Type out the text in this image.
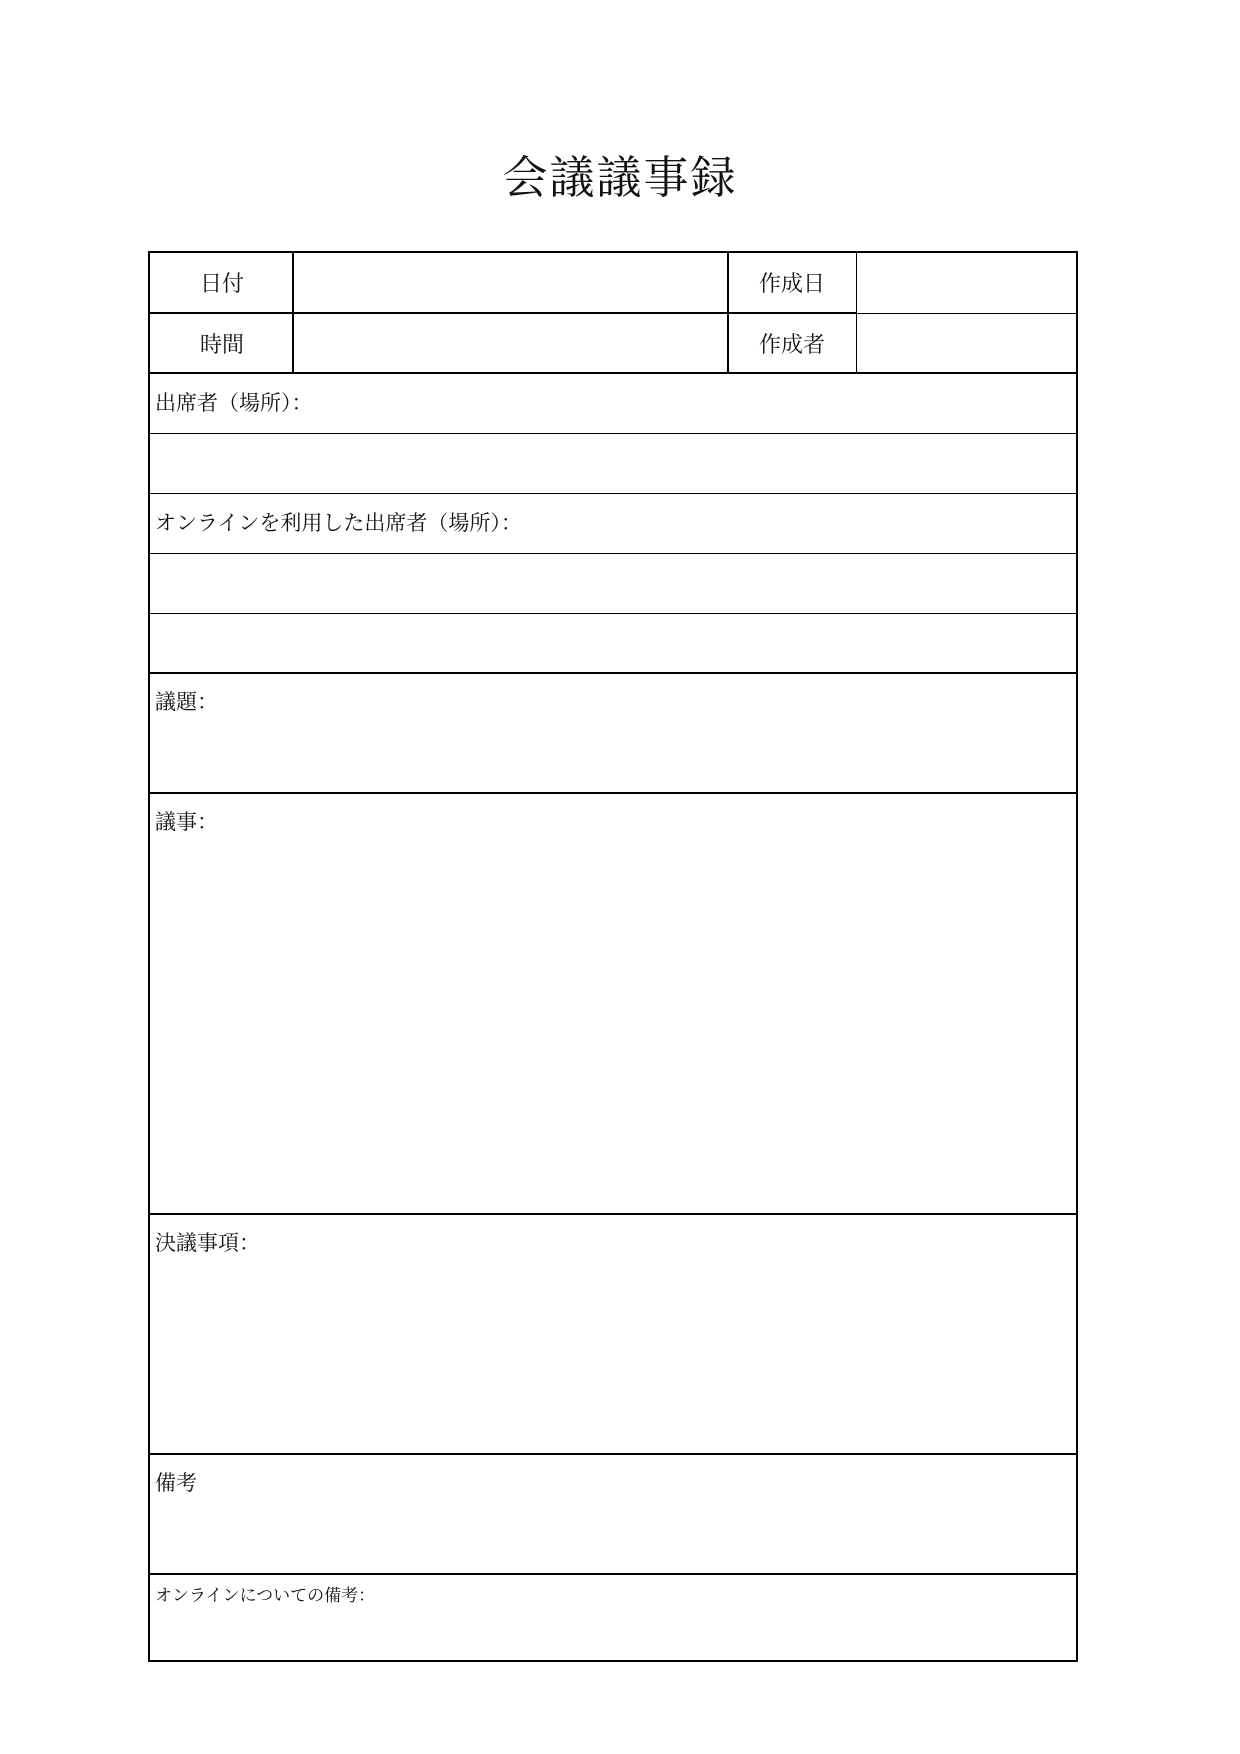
会議議事録
日付	作成日
時間	作成者
出席者（場所）：
オンラインを利用した出席者（場所）：
議題：
議事：
決議事項：
備考
オンラインについての備考：
